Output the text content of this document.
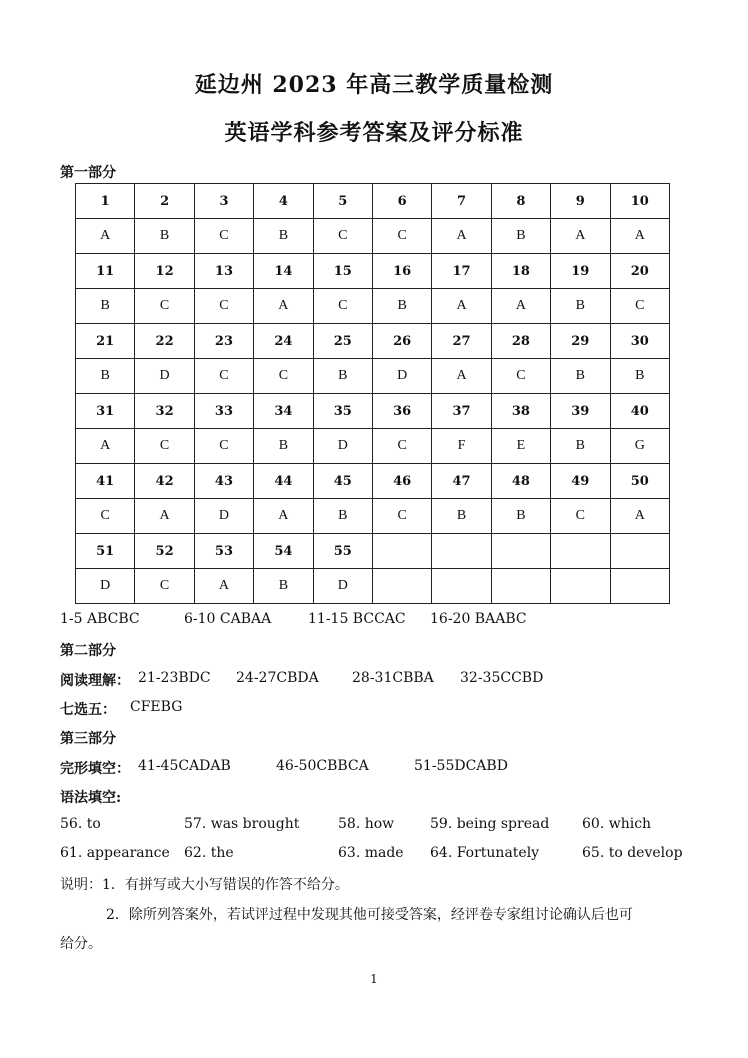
延边州 2023 年高三教学质量检测
英语学科参考答案及评分标准
第一部分
1	2	3	4	5	6	7	8	9	10
A	B	C	B	C	C	A	B	A	A
11	12	13	14	15	16	17	18	19	20
B	C	C	A	C	B	A	A	B	C
21	22	23	24	25	26	27	28	29	30
B	D	C	C	B	D	A	C	B	B
31	32	33	34	35	36	37	38	39	40
A	C	C	B	D	C	F	E	B	G
41	42	43	44	45	46	47	48	49	50
C	A	D	A	B	C	B	B	C	A
51	52	53	54	55					
D	C	A	B	D					
1-5 ABCBC	6-10 CABAA	11-15 BCCAC 16-20 BAABC
第二部分
阅读理解： 21-23BDC 24-27CBDA 28-31CBBA 32-35CCBD
七选五： CFEBG
第三部分
完形填空： 41-45CADAB	46-50CBBCA	51-55DCABD
语法填空:
56. to	57. was brought	58. how	59. being spread 60. which
61. appearance 62. the	63. made 64. Fortunately	65. to develop
说明：1．有拼写或大小写错误的作答不给分。
2．除所列答案外，若试评过程中发现其他可接受答案，经评卷专家组讨论确认后也可
给分。
1
